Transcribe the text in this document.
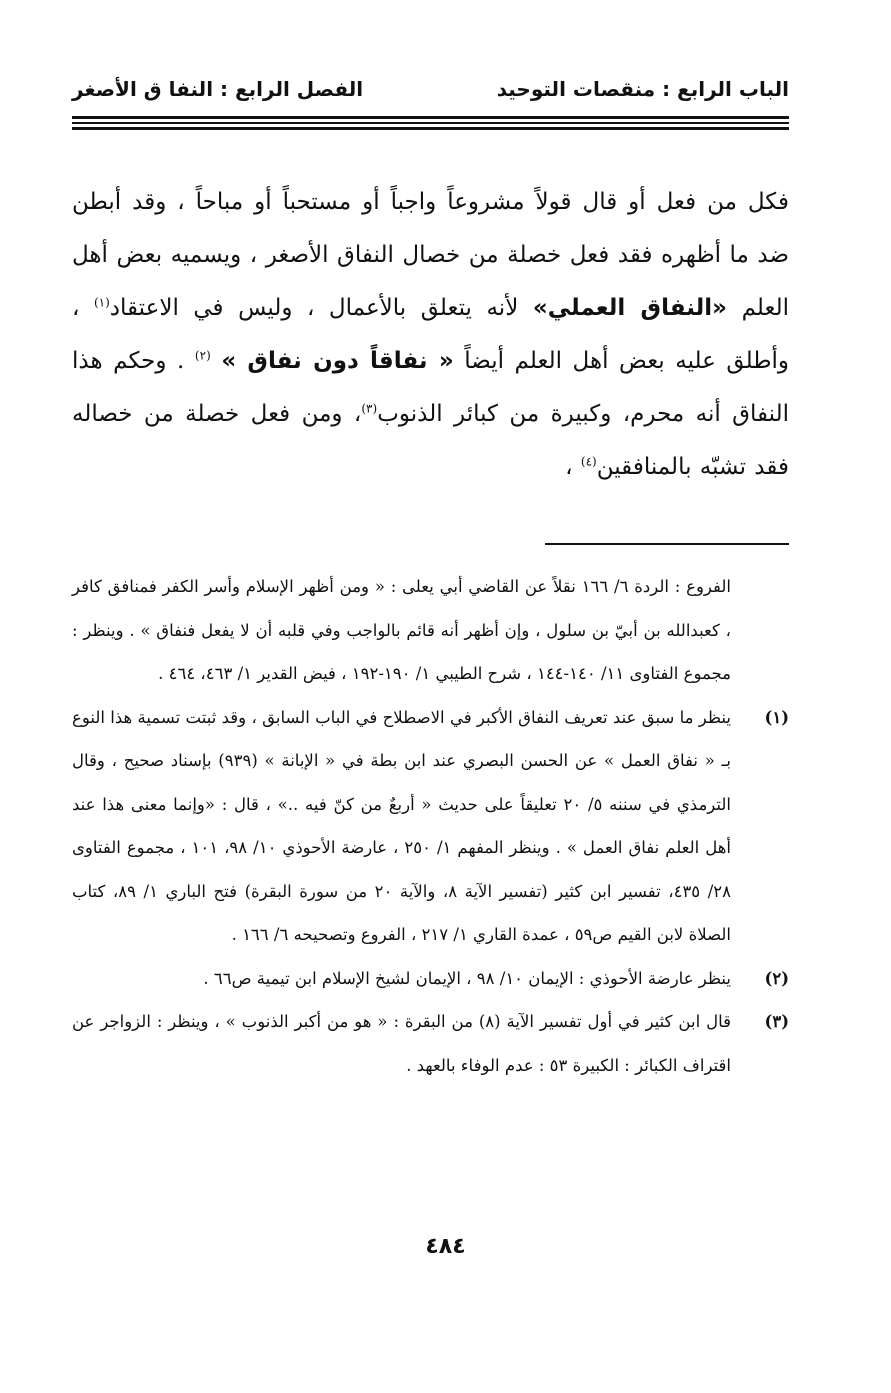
الباب الرابع : منقصات التوحيد
الفصل الرابع : النفا ق الأصغر
فكل من فعل أو قال قولاً مشروعاً واجباً أو مستحباً أو مباحاً ، وقد أبطن ضد ما أظهره فقد فعل خصلة من خصال النفاق الأصغر ، ويسميه بعض أهل العلم «النفاق العملي» لأنه يتعلق بالأعمال ، وليس في الاعتقاد$^{(١)}$ ، وأطلق عليه بعض أهل العلم أيضاً « نفاقاً دون نفاق » $^{(٢)}$ . وحكم هذا النفاق أنه محرم، وكبيرة من كبائر الذنوب$^{(٣)}$، ومن فعل خصلة من خصاله فقد تشبّه بالمنافقين$^{(٤)}$ ،
الفروع : الردة ٦/ ١٦٦ نقلاً عن القاضي أبي يعلى : « ومن أظهر الإسلام وأسر الكفر فمنافق كافر ، كعبدالله بن أبيّ بن سلول ، وإن أظهر أنه قائم بالواجب وفي قلبه أن لا يفعل فنفاق » . وينظر : مجموع الفتاوى ١١/ ١٤٠-١٤٤ ، شرح الطيبي ١/ ١٩٠-١٩٢ ، فيض القدير ١/ ٤٦٣، ٤٦٤ .
(١)
ينظر ما سبق عند تعريف النفاق الأكبر في الاصطلاح في الباب السابق ، وقد ثبتت تسمية هذا النوع بـ « نفاق العمل » عن الحسن البصري عند ابن بطة في « الإبانة » (٩٣٩) بإسناد صحيح ، وقال الترمذي في سننه ٥/ ٢٠ تعليقاً على حديث « أربعٌ من كنّ فيه ..» ، قال : «وإنما معنى هذا عند أهل العلم نفاق العمل » . وينظر المفهم ١/ ٢٥٠ ، عارضة الأحوذي ١٠/ ٩٨، ١٠١ ، مجموع الفتاوى ٢٨/ ٤٣٥، تفسير ابن كثير (تفسير الآية ٨، والآية ٢٠ من سورة البقرة) فتح الباري ١/ ٨٩، كتاب الصلاة لابن القيم ص٥٩ ، عمدة القاري ١/ ٢١٧ ، الفروع وتصحيحه ٦/ ١٦٦ .
(٢)
ينظر عارضة الأحوذي : الإيمان ١٠/ ٩٨ ، الإيمان لشيخ الإسلام ابن تيمية ص٦٦ .
(٣)
قال ابن كثير في أول تفسير الآية (٨) من البقرة : « هو من أكبر الذنوب » ، وينظر : الزواجر عن اقتراف الكبائر : الكبيرة ٥٣ : عدم الوفاء بالعهد .
٤٨٤
